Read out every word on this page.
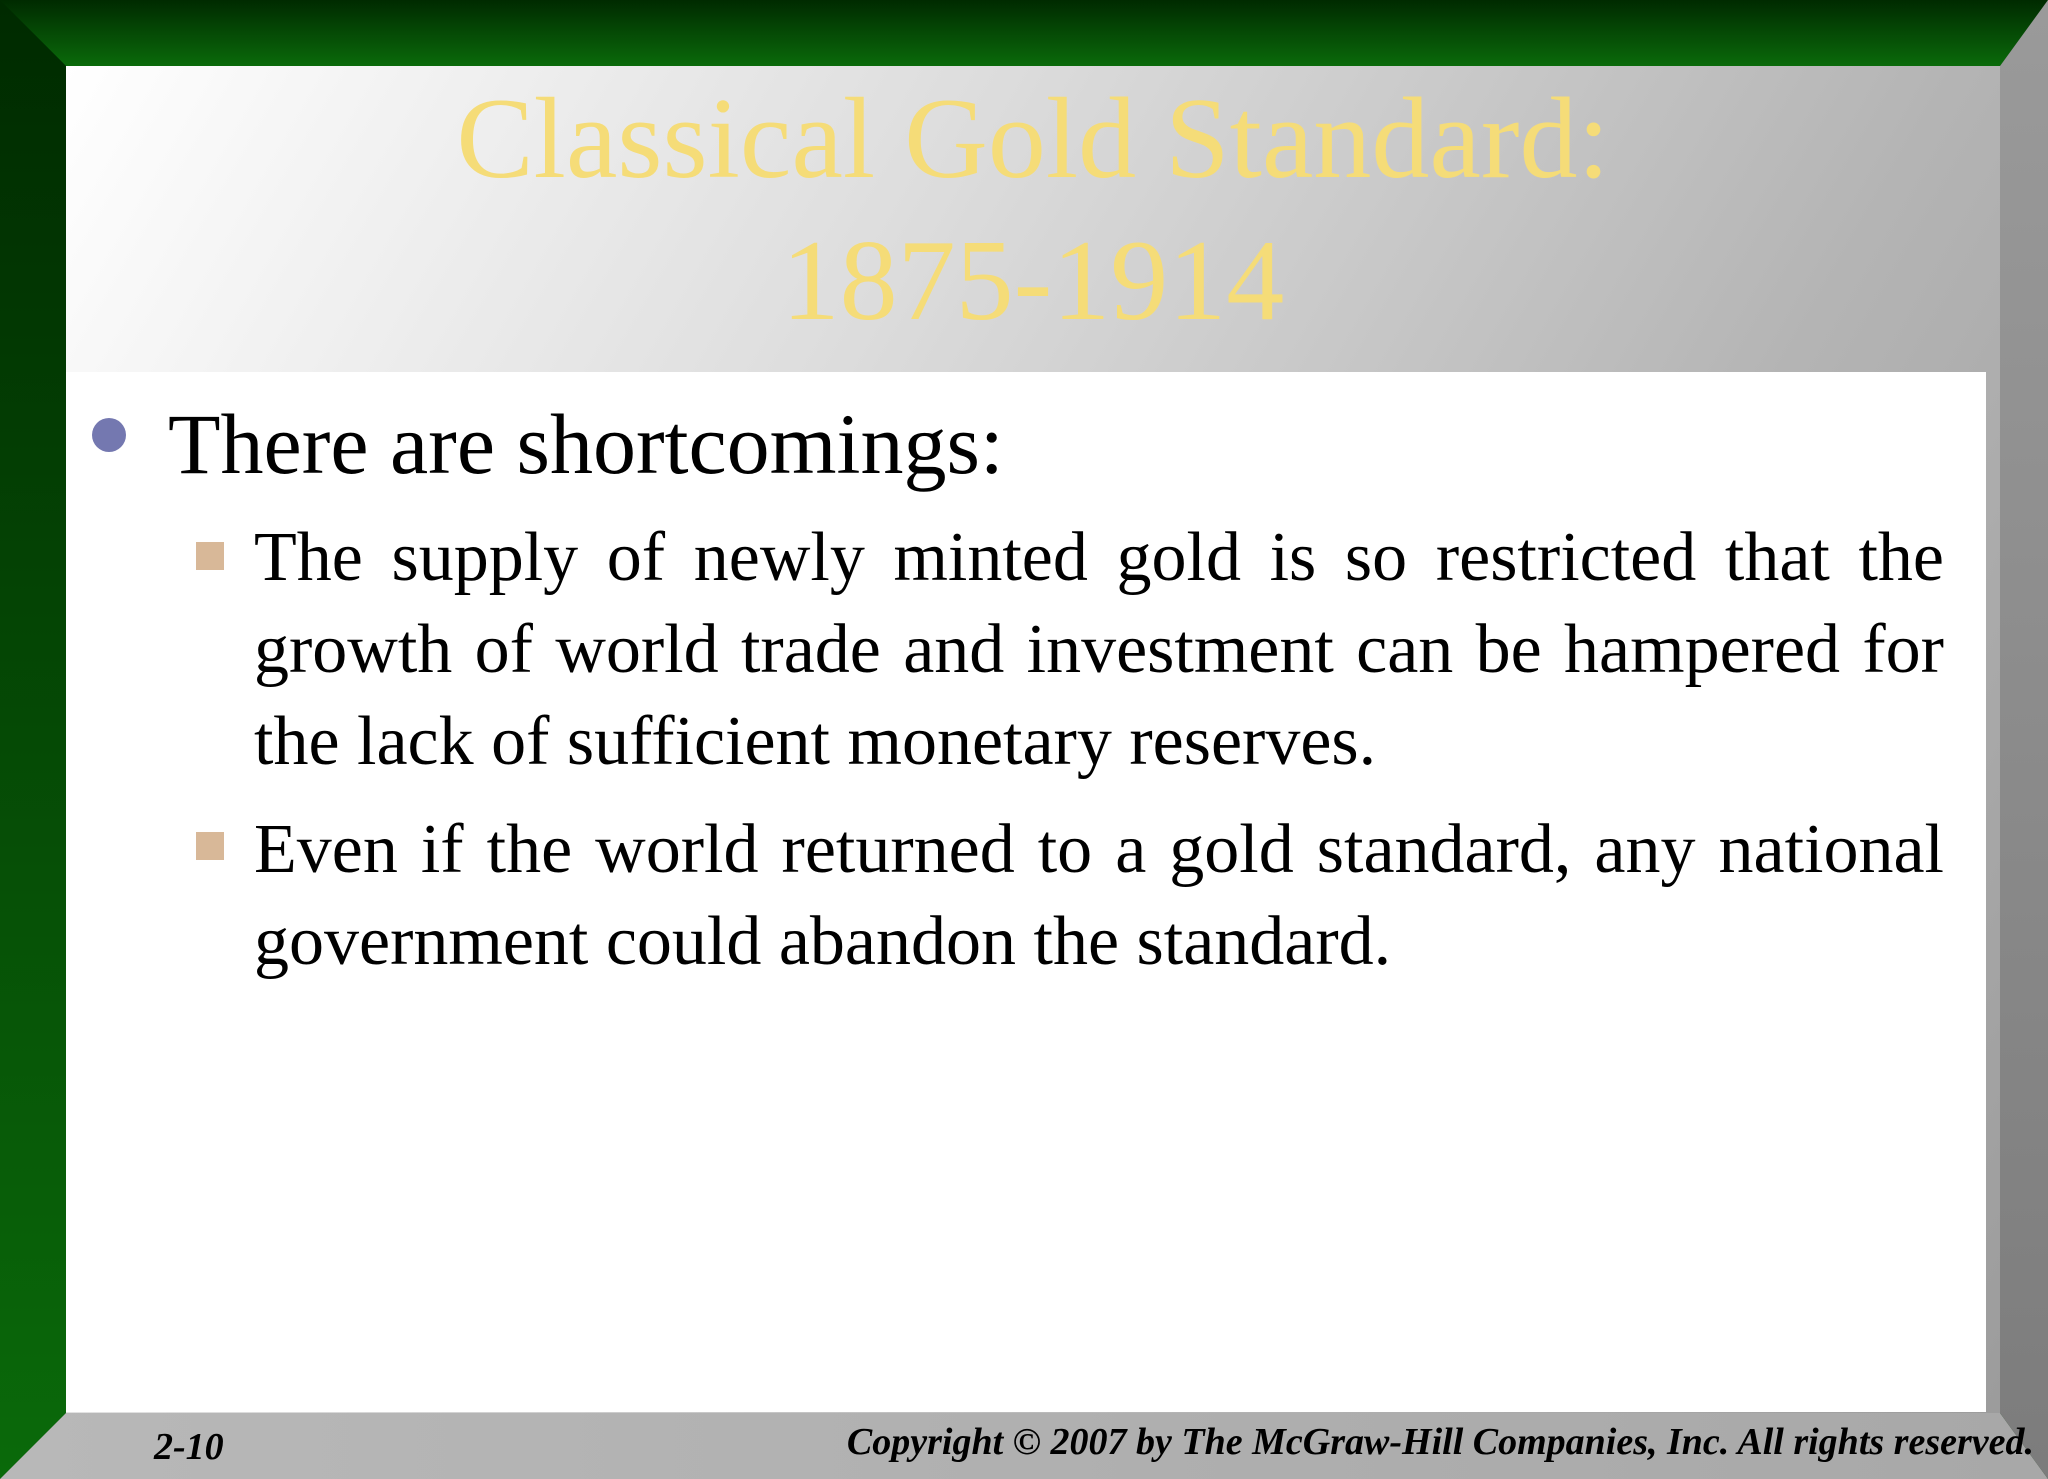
Classical Gold Standard:
1875-1914
There are shortcomings:
The supply of newly minted gold is so restricted that the growth of world trade and investment can be hampered for the lack of sufficient monetary reserves.
Even if the world returned to a gold standard, any national government could abandon the standard.
2-10	Copyright © 2007 by The McGraw-Hill Companies, Inc. All rights reserved.
